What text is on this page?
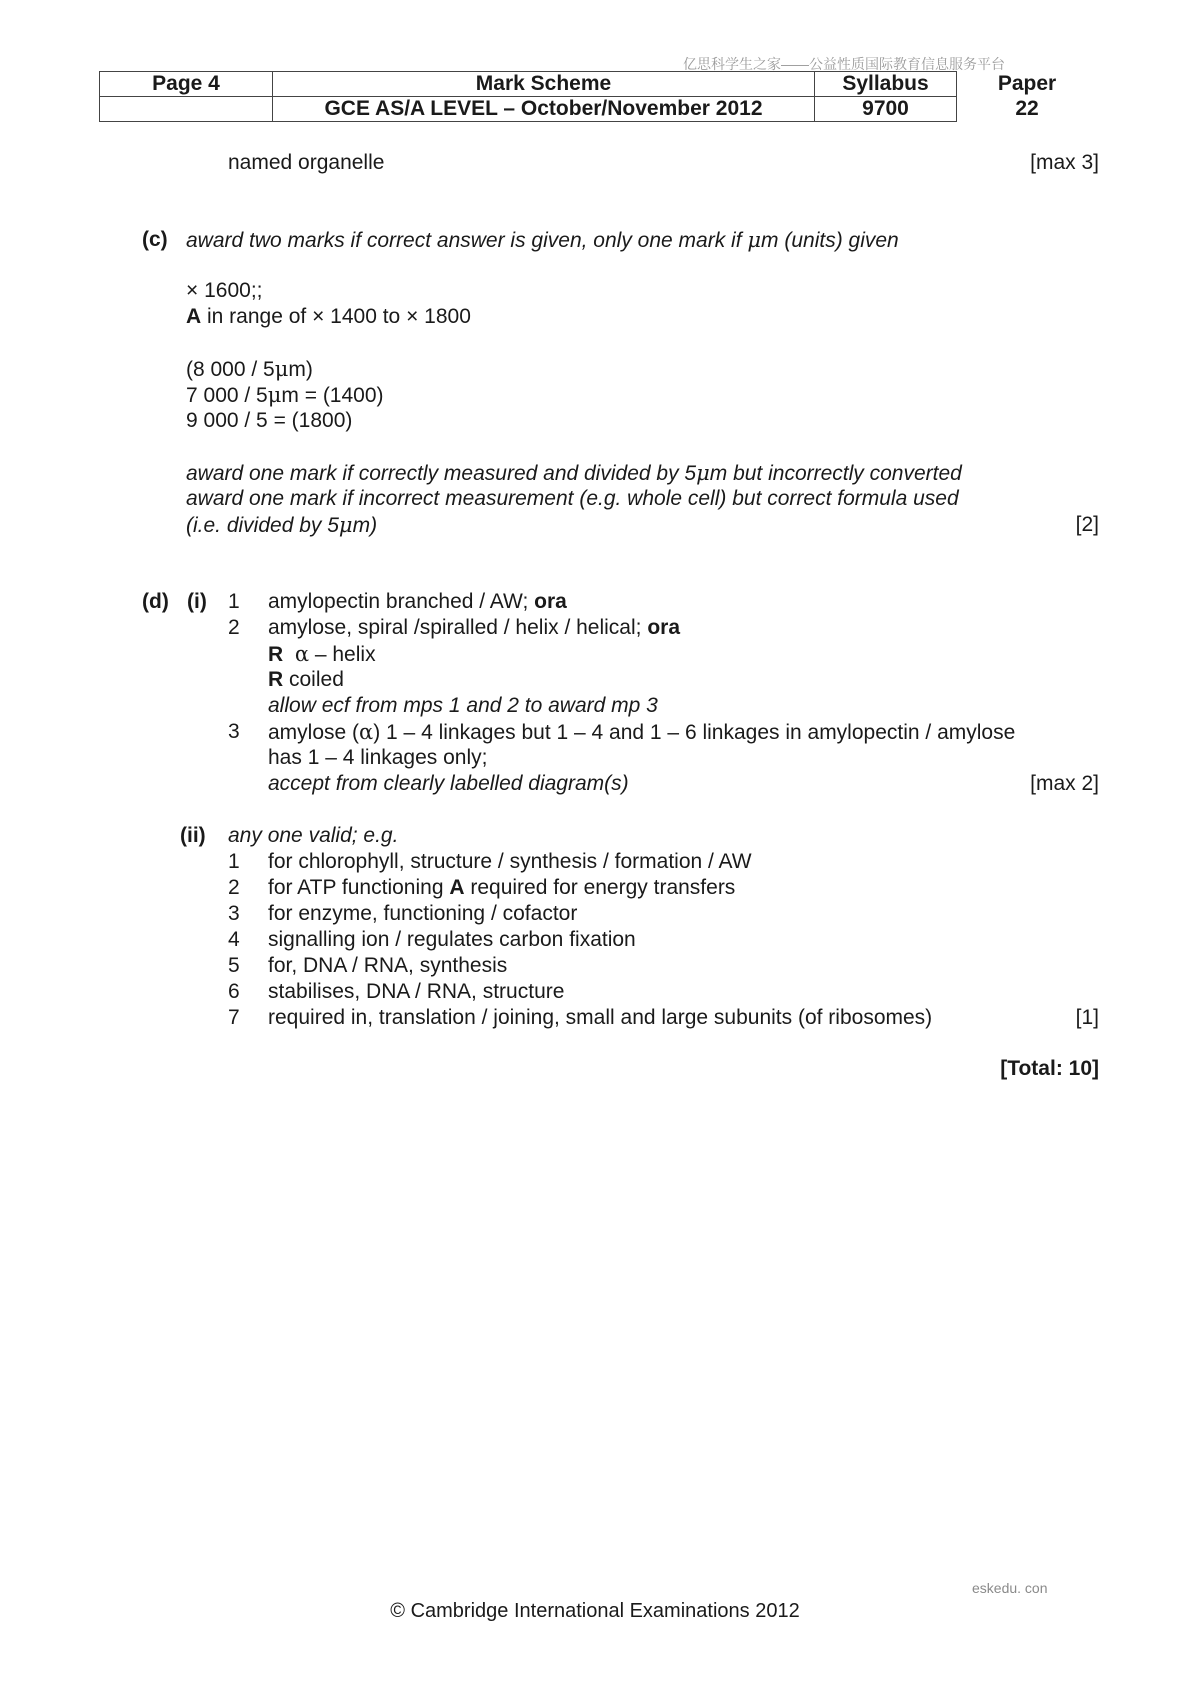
亿思科学生之家——公益性质国际教育信息服务平台
Page 4	Mark Scheme	Syllabus	Paper
	GCE AS/A LEVEL – October/November 2012	9700	22
named organelle	[max 3]
(c) award two marks if correct answer is given, only one mark if μm (units) given
× 1600;;
A in range of × 1400 to × 1800
(8 000 / 5μm)
7 000 / 5μm = (1400)
9 000 / 5 = (1800)
award one mark if correctly measured and divided by 5μm but incorrectly converted
award one mark if incorrect measurement (e.g. whole cell) but correct formula used
(i.e. divided by 5μm)	[2]
(d) (i) 1 amylopectin branched / AW; ora
2 amylose, spiral /spiralled / helix / helical; ora
R α – helix
R coiled
allow ecf from mps 1 and 2 to award mp 3
3 amylose (α) 1 – 4 linkages but 1 – 4 and 1 – 6 linkages in amylopectin / amylose
has 1 – 4 linkages only;
accept from clearly labelled diagram(s)	[max 2]
(ii) any one valid; e.g.
1 for chlorophyll, structure / synthesis / formation / AW
2 for ATP functioning A required for energy transfers
3 for enzyme, functioning / cofactor
4 signalling ion / regulates carbon fixation
5 for, DNA / RNA, synthesis
6 stabilises, DNA / RNA, structure
7 required in, translation / joining, small and large subunits (of ribosomes)	[1]
[Total: 10]
eskedu. con
© Cambridge International Examinations 2012
